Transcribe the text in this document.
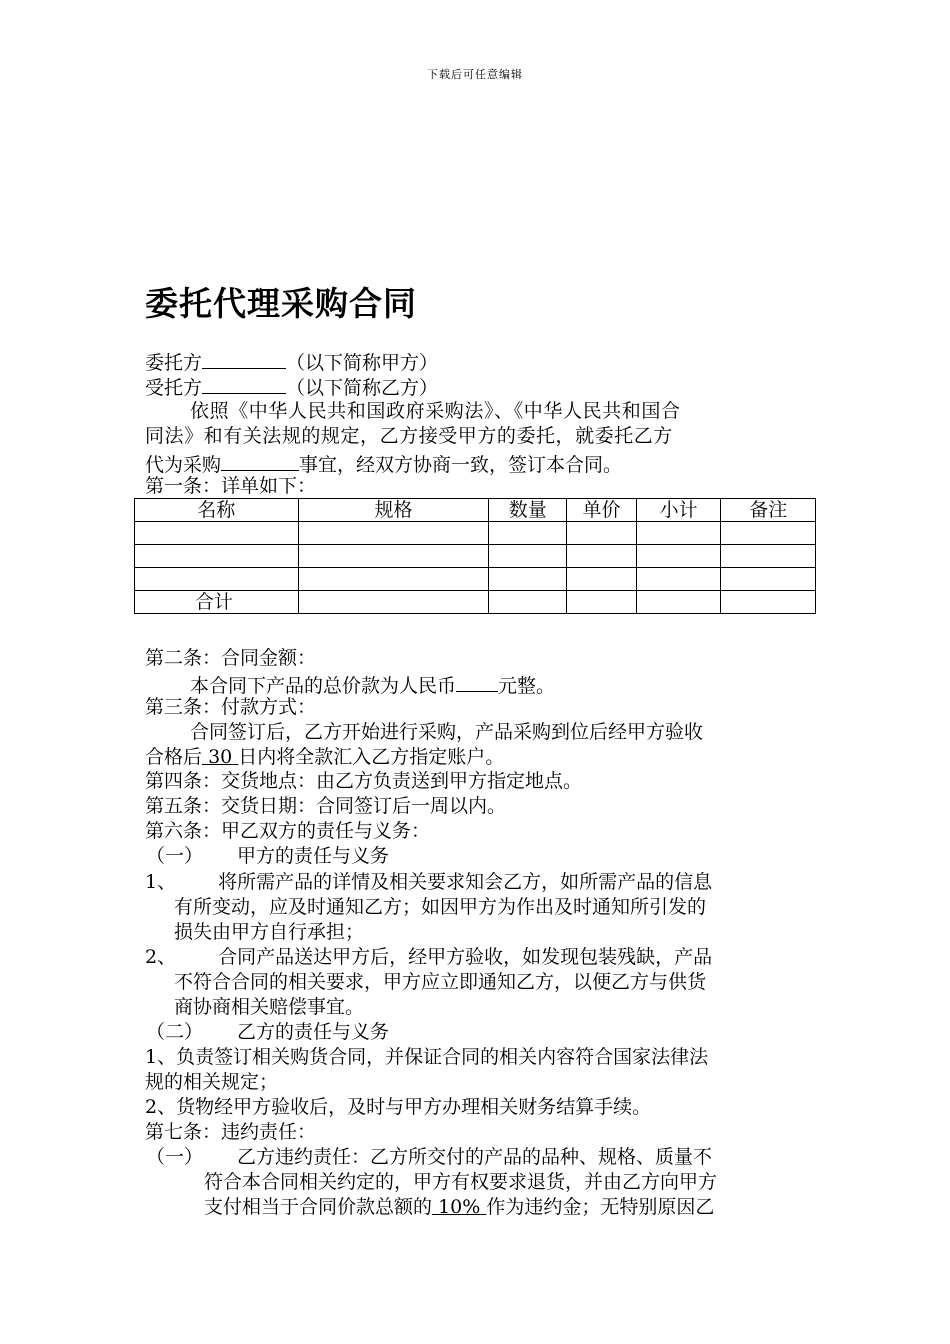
下载后可任意编辑
委托代理采购合同
委托方	（以下简称甲方）
受托方	（以下简称乙方）
依照《中华人民共和国政府采购法》、《中华人民共和国合
同法》和有关法规的规定，乙方接受甲方的委托，就委托乙方
代为采购	事宜，经双方协商一致，签订本合同。
第一条：详单如下：
名称	规格	数量	单价	小计	备注

合计					
第二条：合同金额：
本合同下产品的总价款为人民币 元整。
第三条：付款方式：
合同签订后，乙方开始进行采购，产品采购到位后经甲方验收
合格后 30 日内将全款汇入乙方指定账户。
第四条：交货地点：由乙方负责送到甲方指定地点。
第五条：交货日期：合同签订后一周以内。
第六条：甲乙双方的责任与义务：
（一） 甲方的责任与义务
1、 将所需产品的详情及相关要求知会乙方，如所需产品的信息
有所变动，应及时通知乙方；如因甲方为作出及时通知所引发的
损失由甲方自行承担；
2、 合同产品送达甲方后，经甲方验收，如发现包装残缺，产品
不符合合同的相关要求，甲方应立即通知乙方，以便乙方与供货
商协商相关赔偿事宜。
（二） 乙方的责任与义务
1、负责签订相关购货合同，并保证合同的相关内容符合国家法律法
规的相关规定；
2、货物经甲方验收后，及时与甲方办理相关财务结算手续。
第七条：违约责任：
（一） 乙方违约责任：乙方所交付的产品的品种、规格、质量不
符合本合同相关约定的，甲方有权要求退货，并由乙方向甲方
支付相当于合同价款总额的 10% 作为违约金；无特别原因乙
